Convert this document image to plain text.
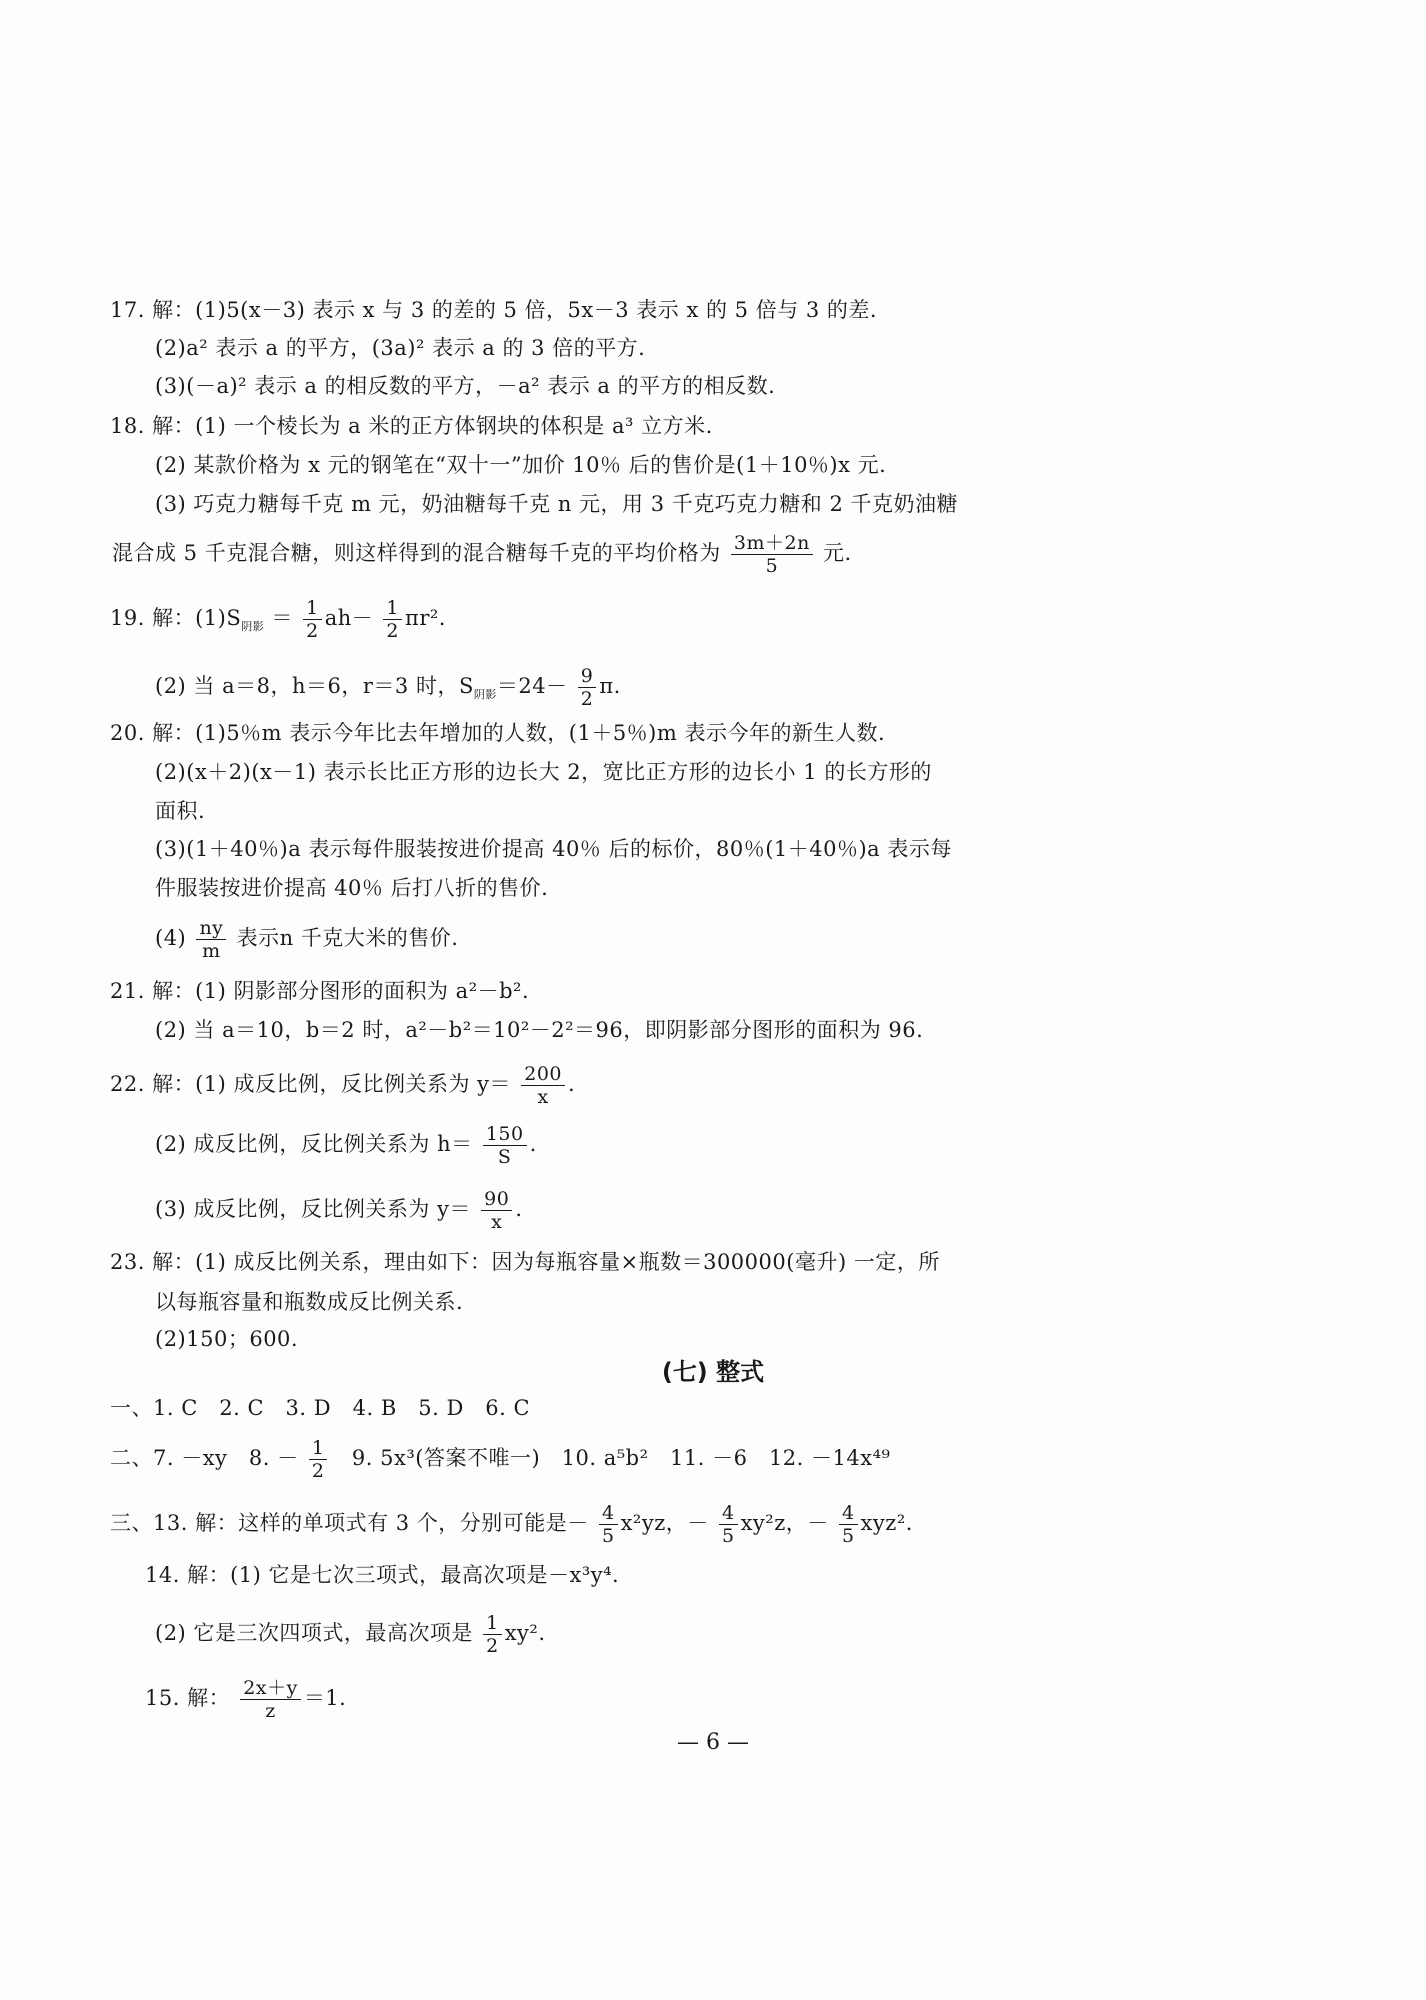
17. 解：(1)5(x－3) 表示 x 与 3 的差的 5 倍，5x－3 表示 x 的 5 倍与 3 的差.
(2)a² 表示 a 的平方，(3a)² 表示 a 的 3 倍的平方.
(3)(－a)² 表示 a 的相反数的平方，－a² 表示 a 的平方的相反数.
18. 解：(1) 一个棱长为 a 米的正方体钢块的体积是 a³ 立方米.
(2) 某款价格为 x 元的钢笔在“双十一”加价 10％ 后的售价是(1＋10％)x 元.
(3) 巧克力糖每千克 m 元，奶油糖每千克 n 元，用 3 千克巧克力糖和 2 千克奶油糖
混合成 5 千克混合糖，则这样得到的混合糖每千克的平均价格为 $\frac{3m+2n}{5}$ 元.
19. 解：$(1)S_{阴影} = \frac{1}{2} ah- \frac{1}{2} \pi r^2$.
(2) 当 a＝8，h＝6，r＝3 时，$S_{阴影}=24- \frac{9}{2} \pi$.
20. 解：(1)5％m 表示今年比去年增加的人数，(1＋5％)m 表示今年的新生人数.
(2)(x＋2)(x－1) 表示长比正方形的边长大 2，宽比正方形的边长小 1 的长方形的
面积.
(3)(1＋40％)a 表示每件服装按进价提高 40％ 后的标价，80％(1＋40％)a 表示每
件服装按进价提高 40％ 后打八折的售价.
$(4) \frac{ny}{m}$ 表示n 千克大米的售价.
21. 解：(1) 阴影部分图形的面积为 a²－b².
(2) 当 a＝10，b＝2 时，a²－b²＝10²－2²＝96，即阴影部分图形的面积为 96.
22. 解：(1) 成反比例，反比例关系为 $y= \frac{200}{x}$ .
(2) 成反比例，反比例关系为 $h= \frac{150}{S}$ .
(3) 成反比例，反比例关系为 $y= \frac{90}{x}$ .
23. 解：(1) 成反比例关系，理由如下：因为每瓶容量×瓶数＝300000(毫升) 一定，所
以每瓶容量和瓶数成反比例关系.
(2)150；600.
(七) 整式
一、1. C　2. C　3. D　4. B　5. D　6. C
二、7. －xy　8. － $\frac{1}{2}$ 　9. 5x³(答案不唯一)　10. a⁵b²　11. －6　12. －14x⁴⁹
三、13. 解：这样的单项式有 3 个，分别可能是－ $\frac{4}{5} x^2yz$，－ $\frac{4}{5} xy^2z$，－ $\frac{4}{5} xyz^2$.
14. 解：(1) 它是七次三项式，最高次项是－x³y⁴.
(2) 它是三次四项式，最高次项是 $\frac{1}{2} xy^2$.
15. 解： $\frac{2x+y}{z} =1$.
— 6 —
